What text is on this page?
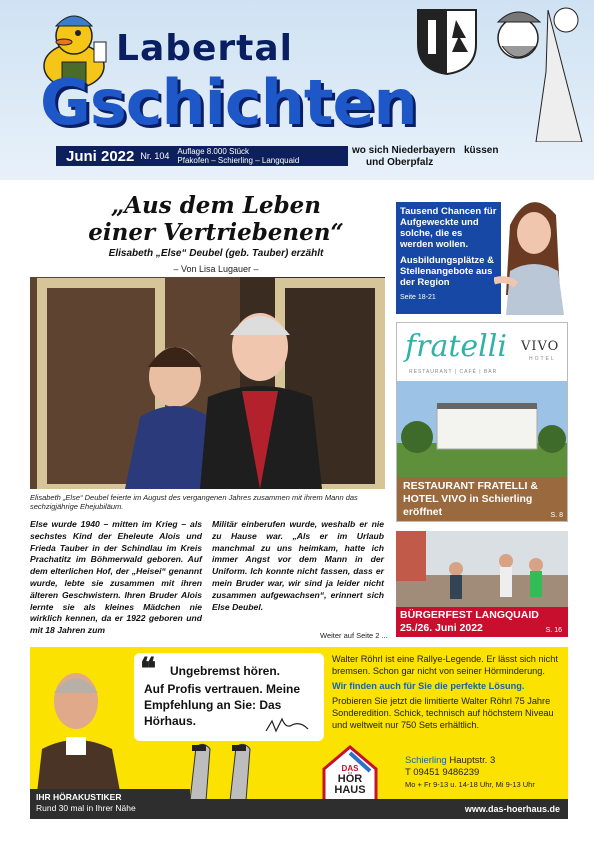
Labertal
Gschichten
Juni 2022 Nr. 104 Auflage 8.000 Stück
Pfakofen – Schierling – Langquaid
wo sich Niederbayern
und Oberpfalz
küssen
„Aus dem Leben
einer Vertriebenen“
Elisabeth „Else“ Deubel (geb. Tauber) erzählt
– Von Lisa Lugauer –
Elisabeth „Else“ Deubel feierte im August des vergangenen Jahres zusammen mit ihrem Mann das sechzigjährige Ehejubiläum.
Else wurde 1940 – mitten im Krieg – als sechstes Kind der Eheleute Alois und Frieda Tauber in der Schindlau im Kreis Prachatitz im Böhmerwald geboren. Auf dem elterlichen Hof, der „Heisei“ genannt wurde, lebte sie zusammen mit ihren älteren Geschwistern. Ihren Bruder Alois lernte sie als kleines Mädchen nie wirklich kennen, da er 1922 geboren und mit 18 Jahren zum
Militär einberufen wurde, weshalb er nie zu Hause war. „Als er im Urlaub manchmal zu uns heimkam, hatte ich immer Angst vor dem Mann in der Uniform. Ich konnte nicht fassen, dass er mein Bruder war, wir sind ja leider nicht zusammen aufgewachsen“, erinnert sich Else Deubel.
Weiter auf Seite 2 ...
Tausend Chancen für Aufgeweckte und solche, die es werden wollen.
Ausbildungsplätze & Stellenangebote aus der Region
Seite 18-21
fratelli
RESTAURANT | CAFÉ | BAR
VIVO
HOTEL
RESTAURANT FRATELLI & HOTEL VIVO in Schierling eröffnet	S. 8
BÜRGERFEST LANGQUAID 25./26. Juni 2022	S. 16
IHR HÖRAKUSTIKER
Rund 30 mal in Ihrer Nähe
❝ Ungebremst hören.
Auf Profis vertrauen. Meine Empfehlung an Sie: Das Hörhaus.
Walter Röhrl ist eine Rallye-Legende. Er lässt sich nicht bremsen. Schon gar nicht von seiner Hörminderung.
Wir finden auch für Sie die perfekte Lösung.
Probieren Sie jetzt die limitierte Walter Röhrl 75 Jahre Sonderedition. Schick, technisch auf höchstem Niveau und weltweit nur 750 Sets erhältlich.
DAS
HÖR
HAUS
Schierling Hauptstr. 3
T 09451 9486239
Mo + Fr 9-13 u. 14-18 Uhr, Mi 9-13 Uhr
www.das-hoerhaus.de
